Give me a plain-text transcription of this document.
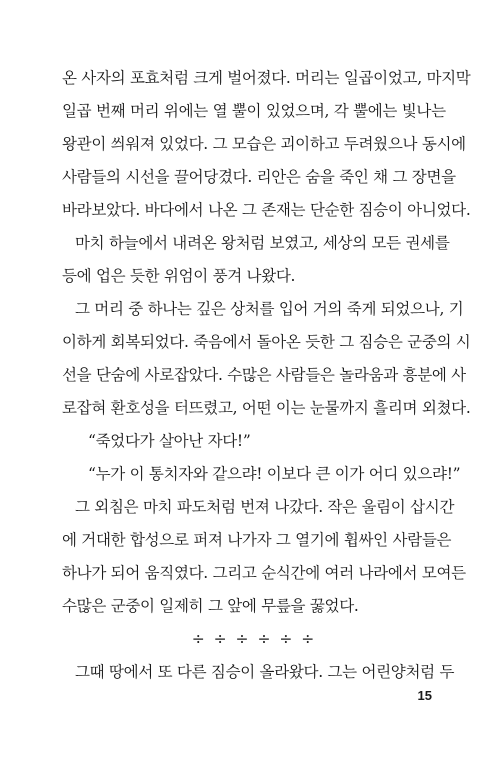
온 사자의 포효처럼 크게 벌어졌다. 머리는 일곱이었고, 마지막
일곱 번째 머리 위에는 열 뿔이 있었으며, 각 뿔에는 빛나는
왕관이 씌워져 있었다. 그 모습은 괴이하고 두려웠으나 동시에
사람들의 시선을 끌어당겼다. 리안은 숨을 죽인 채 그 장면을
바라보았다. 바다에서 나온 그 존재는 단순한 짐승이 아니었다.
마치 하늘에서 내려온 왕처럼 보였고, 세상의 모든 권세를
등에 업은 듯한 위엄이 풍겨 나왔다.
그 머리 중 하나는 깊은 상처를 입어 거의 죽게 되었으나, 기
이하게 회복되었다. 죽음에서 돌아온 듯한 그 짐승은 군중의 시
선을 단숨에 사로잡았다. 수많은 사람들은 놀라움과 흥분에 사
로잡혀 환호성을 터뜨렸고, 어떤 이는 눈물까지 흘리며 외쳤다.
“죽었다가 살아난 자다!”
“누가 이 통치자와 같으랴! 이보다 큰 이가 어디 있으랴!”
그 외침은 마치 파도처럼 번져 나갔다. 작은 울림이 삽시간
에 거대한 합성으로 퍼져 나가자 그 열기에 휩싸인 사람들은
하나가 되어 움직였다. 그리고 순식간에 여러 나라에서 모여든
수많은 군중이 일제히 그 앞에 무릎을 꿇었다.
÷ ÷ ÷ ÷ ÷ ÷
그때 땅에서 또 다른 짐승이 올라왔다. 그는 어린양처럼 두
15
